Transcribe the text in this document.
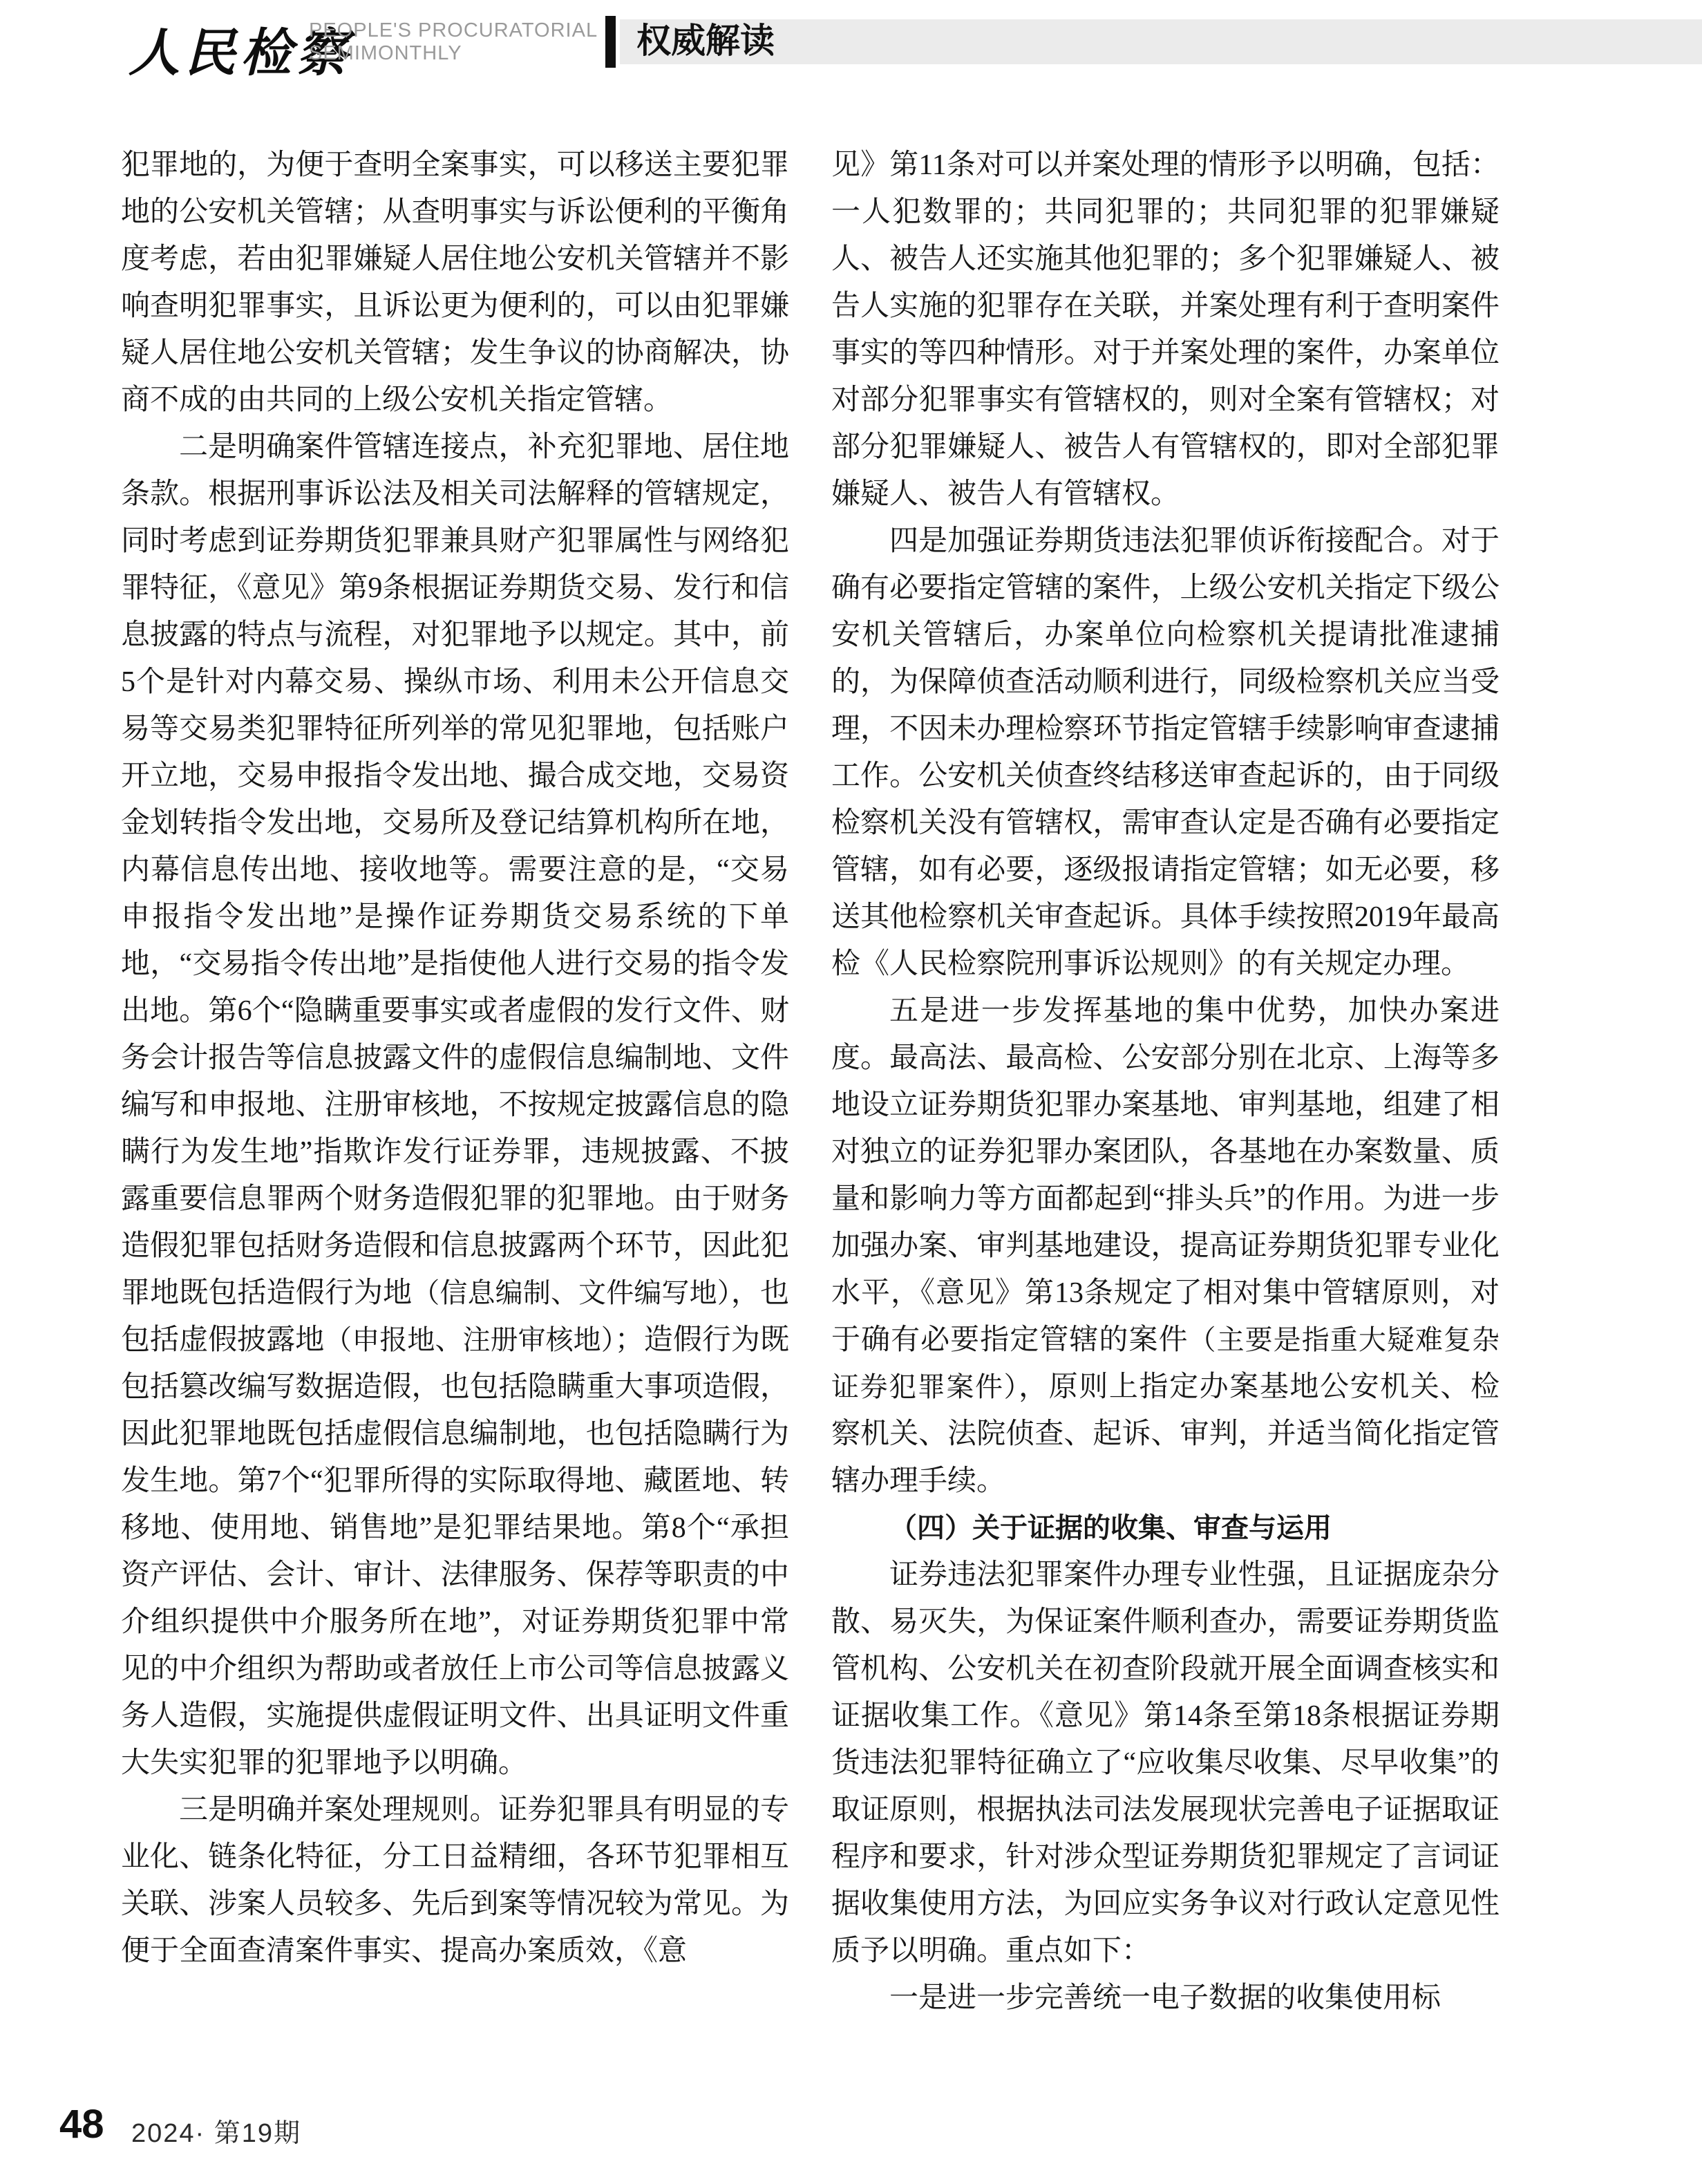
人民检察
PEOPLE'S PROCURATORIAL
SEMIMONTHLY	权威解读

犯罪地的，为便于查明全案事实，可以移送主要犯罪地的公安机关管辖；从查明事实与诉讼便利的平衡角度考虑，若由犯罪嫌疑人居住地公安机关管辖并不影响查明犯罪事实，且诉讼更为便利的，可以由犯罪嫌疑人居住地公安机关管辖；发生争议的协商解决，协商不成的由共同的上级公安机关指定管辖。

二是明确案件管辖连接点，补充犯罪地、居住地条款。根据刑事诉讼法及相关司法解释的管辖规定，同时考虑到证券期货犯罪兼具财产犯罪属性与网络犯罪特征，《意见》第9条根据证券期货交易、发行和信息披露的特点与流程，对犯罪地予以规定。其中，前5个是针对内幕交易、操纵市场、利用未公开信息交易等交易类犯罪特征所列举的常见犯罪地，包括账户开立地，交易申报指令发出地、撮合成交地，交易资金划转指令发出地，交易所及登记结算机构所在地，内幕信息传出地、接收地等。需要注意的是，“交易申报指令发出地”是操作证券期货交易系统的下单地，“交易指令传出地”是指使他人进行交易的指令发出地。第6个“隐瞒重要事实或者虚假的发行文件、财务会计报告等信息披露文件的虚假信息编制地、文件编写和申报地、注册审核地，不按规定披露信息的隐瞒行为发生地”指欺诈发行证券罪，违规披露、不披露重要信息罪两个财务造假犯罪的犯罪地。由于财务造假犯罪包括财务造假和信息披露两个环节，因此犯罪地既包括造假行为地（信息编制、文件编写地），也包括虚假披露地（申报地、注册审核地）；造假行为既包括篡改编写数据造假，也包括隐瞒重大事项造假，因此犯罪地既包括虚假信息编制地，也包括隐瞒行为发生地。第7个“犯罪所得的实际取得地、藏匿地、转移地、使用地、销售地”是犯罪结果地。第8个“承担资产评估、会计、审计、法律服务、保荐等职责的中介组织提供中介服务所在地”，对证券期货犯罪中常见的中介组织为帮助或者放任上市公司等信息披露义务人造假，实施提供虚假证明文件、出具证明文件重大失实犯罪的犯罪地予以明确。

三是明确并案处理规则。证券犯罪具有明显的专业化、链条化特征，分工日益精细，各环节犯罪相互关联、涉案人员较多、先后到案等情况较为常见。为便于全面查清案件事实、提高办案质效，《意

见》第11条对可以并案处理的情形予以明确，包括：一人犯数罪的；共同犯罪的；共同犯罪的犯罪嫌疑人、被告人还实施其他犯罪的；多个犯罪嫌疑人、被告人实施的犯罪存在关联，并案处理有利于查明案件事实的等四种情形。对于并案处理的案件，办案单位对部分犯罪事实有管辖权的，则对全案有管辖权；对部分犯罪嫌疑人、被告人有管辖权的，即对全部犯罪嫌疑人、被告人有管辖权。

四是加强证券期货违法犯罪侦诉衔接配合。对于确有必要指定管辖的案件，上级公安机关指定下级公安机关管辖后，办案单位向检察机关提请批准逮捕的，为保障侦查活动顺利进行，同级检察机关应当受理，不因未办理检察环节指定管辖手续影响审查逮捕工作。公安机关侦查终结移送审查起诉的，由于同级检察机关没有管辖权，需审查认定是否确有必要指定管辖，如有必要，逐级报请指定管辖；如无必要，移送其他检察机关审查起诉。具体手续按照2019年最高检《人民检察院刑事诉讼规则》的有关规定办理。

五是进一步发挥基地的集中优势，加快办案进度。最高法、最高检、公安部分别在北京、上海等多地设立证券期货犯罪办案基地、审判基地，组建了相对独立的证券犯罪办案团队，各基地在办案数量、质量和影响力等方面都起到“排头兵”的作用。为进一步加强办案、审判基地建设，提高证券期货犯罪专业化水平，《意见》第13条规定了相对集中管辖原则，对于确有必要指定管辖的案件（主要是指重大疑难复杂证券犯罪案件），原则上指定办案基地公安机关、检察机关、法院侦查、起诉、审判，并适当简化指定管辖办理手续。

（四）关于证据的收集、审查与运用

证券违法犯罪案件办理专业性强，且证据庞杂分散、易灭失，为保证案件顺利查办，需要证券期货监管机构、公安机关在初查阶段就开展全面调查核实和证据收集工作。《意见》第14条至第18条根据证券期货违法犯罪特征确立了“应收集尽收集、尽早收集”的取证原则，根据执法司法发展现状完善电子证据取证程序和要求，针对涉众型证券期货犯罪规定了言词证据收集使用方法，为回应实务争议对行政认定意见性质予以明确。重点如下：

一是进一步完善统一电子数据的收集使用标

48 2024· 第19期
